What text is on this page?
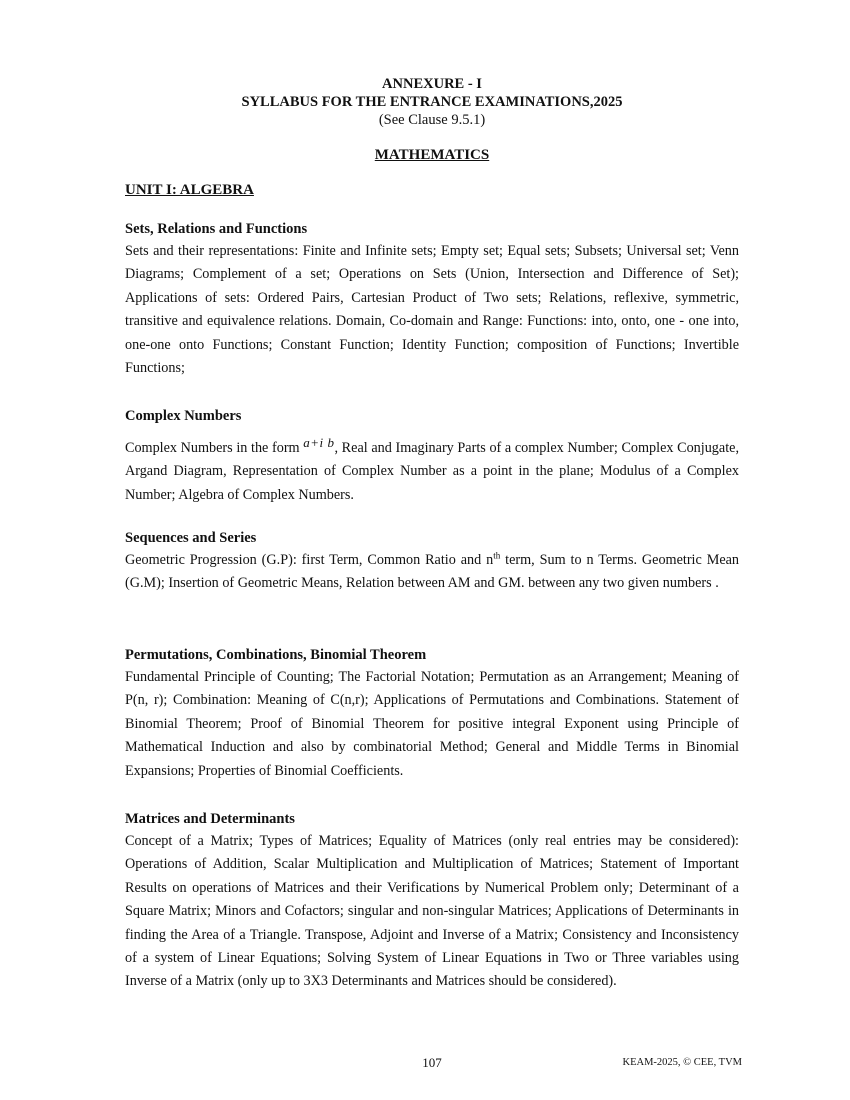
ANNEXURE - I
SYLLABUS FOR THE ENTRANCE EXAMINATIONS,2025
(See Clause 9.5.1)
MATHEMATICS
UNIT I: ALGEBRA
Sets, Relations and Functions

Sets and their representations: Finite and Infinite sets; Empty set; Equal sets; Subsets; Universal set; Venn Diagrams; Complement of a set; Operations on Sets (Union, Intersection and Difference of Set); Applications of sets: Ordered Pairs, Cartesian Product of Two sets; Relations, reflexive, symmetric, transitive and equivalence relations. Domain, Co-domain and Range: Functions: into, onto, one - one into, one-one onto Functions; Constant Function; Identity Function; composition of Functions; Invertible Functions;

Complex Numbers

Complex Numbers in the form a+i b, Real and Imaginary Parts of a complex Number; Complex Conjugate, Argand Diagram, Representation of Complex Number as a point in the plane; Modulus of a Complex Number; Algebra of Complex Numbers.

Sequences and Series

Geometric Progression (G.P): first Term, Common Ratio and $n^{th}$ term, Sum to n Terms. Geometric Mean (G.M); Insertion of Geometric Means, Relation between AM and GM. between any two given numbers .

Permutations, Combinations, Binomial Theorem

Fundamental Principle of Counting; The Factorial Notation; Permutation as an Arrangement; Meaning of P(n, r); Combination: Meaning of C(n,r); Applications of Permutations and Combinations. Statement of Binomial Theorem; Proof of Binomial Theorem for positive integral Exponent using Principle of Mathematical Induction and also by combinatorial Method; General and Middle Terms in Binomial Expansions; Properties of Binomial Coefficients.

Matrices and Determinants

Concept of a Matrix; Types of Matrices; Equality of Matrices (only real entries may be considered): Operations of Addition, Scalar Multiplication and Multiplication of Matrices; Statement of Important Results on operations of Matrices and their Verifications by Numerical Problem only; Determinant of a Square Matrix; Minors and Cofactors; singular and non-singular Matrices; Applications of Determinants in finding the Area of a Triangle. Transpose, Adjoint and Inverse of a Matrix; Consistency and Inconsistency of a system of Linear Equations; Solving System of Linear Equations in Two or Three variables using Inverse of a Matrix (only up to 3X3 Determinants and Matrices should be considered).

107	KEAM-2025, © CEE, TVM
